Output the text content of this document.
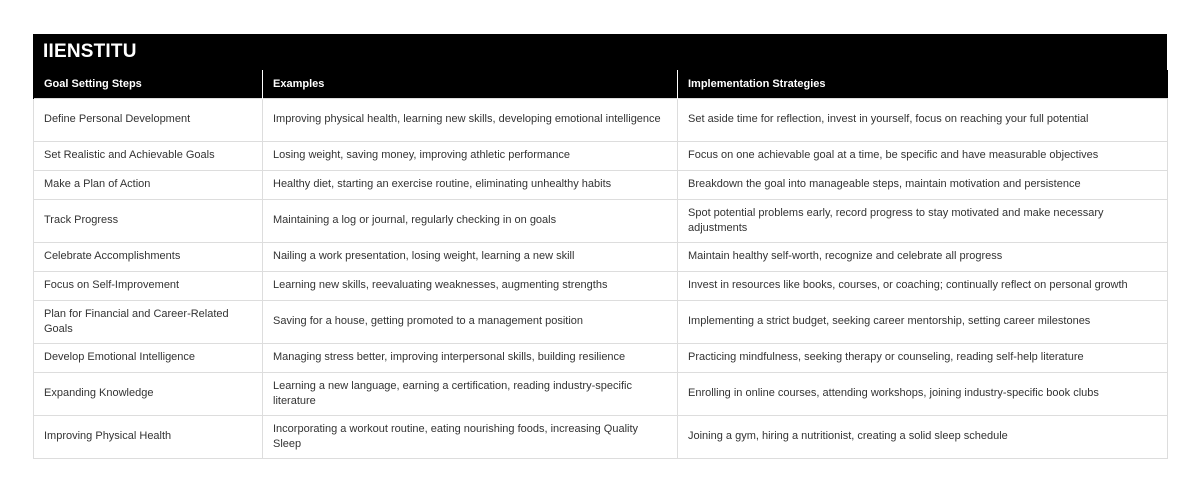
IIENSTITU
Goal Setting Steps	Examples	Implementation Strategies
Define Personal Development	Improving physical health, learning new skills, developing emotional intelligence	Set aside time for reflection, invest in yourself, focus on reaching your full potential
Set Realistic and Achievable Goals	Losing weight, saving money, improving athletic performance	Focus on one achievable goal at a time, be specific and have measurable objectives
Make a Plan of Action	Healthy diet, starting an exercise routine, eliminating unhealthy habits	Breakdown the goal into manageable steps, maintain motivation and persistence
Track Progress	Maintaining a log or journal, regularly checking in on goals	Spot potential problems early, record progress to stay motivated and make necessary adjustments
Celebrate Accomplishments	Nailing a work presentation, losing weight, learning a new skill	Maintain healthy self-worth, recognize and celebrate all progress
Focus on Self-Improvement	Learning new skills, reevaluating weaknesses, augmenting strengths	Invest in resources like books, courses, or coaching; continually reflect on personal growth
Plan for Financial and Career-Related Goals	Saving for a house, getting promoted to a management position	Implementing a strict budget, seeking career mentorship, setting career milestones
Develop Emotional Intelligence	Managing stress better, improving interpersonal skills, building resilience	Practicing mindfulness, seeking therapy or counseling, reading self-help literature
Expanding Knowledge	Learning a new language, earning a certification, reading industry-specific literature	Enrolling in online courses, attending workshops, joining industry-specific book clubs
Improving Physical Health	Incorporating a workout routine, eating nourishing foods, increasing Quality Sleep	Joining a gym, hiring a nutritionist, creating a solid sleep schedule
